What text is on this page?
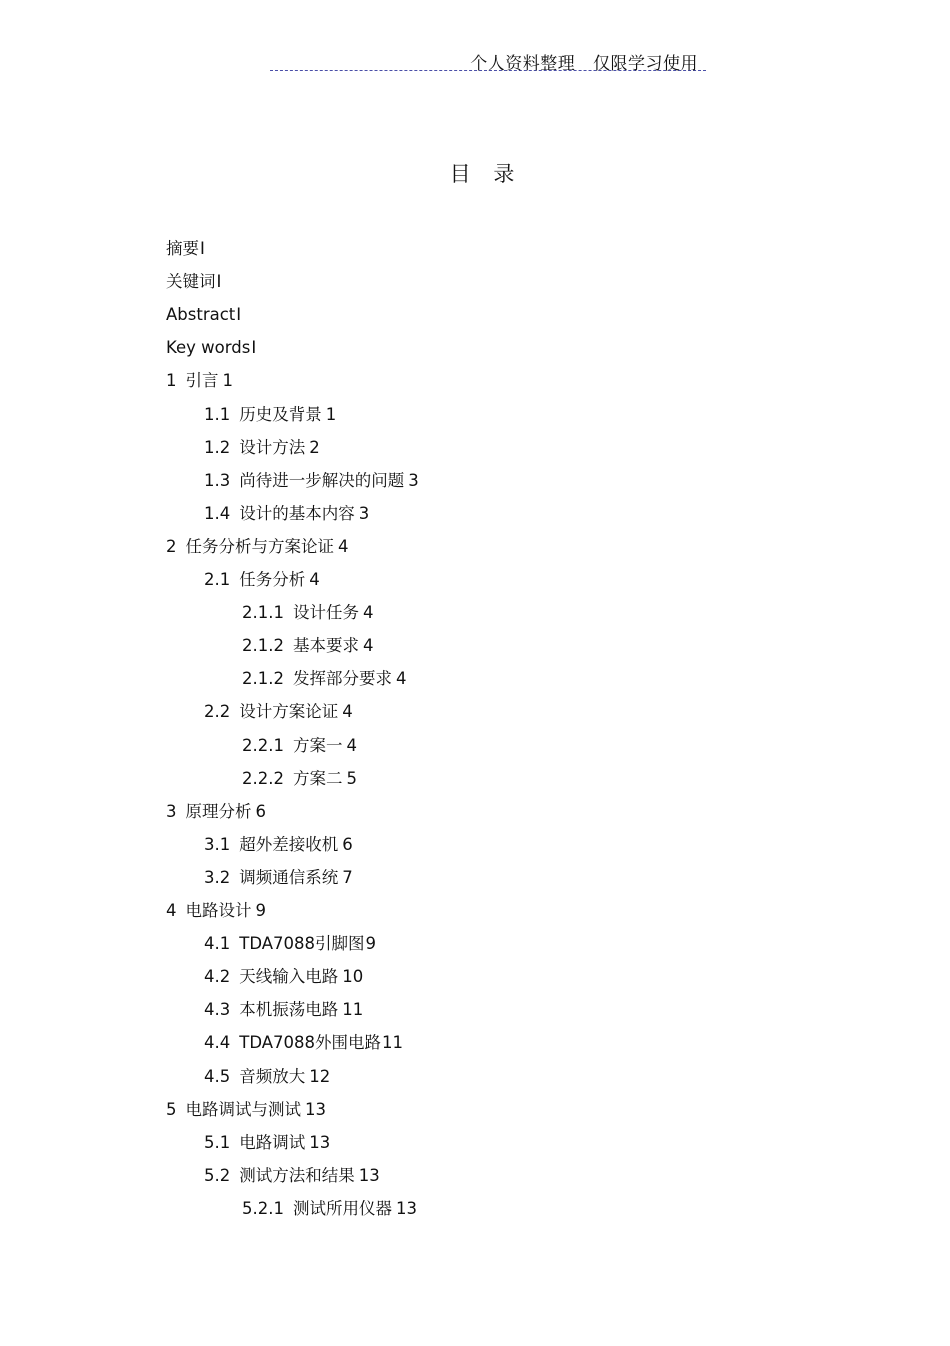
个人资料整理   仅限学习使用
目 录
摘要I
关键词I
AbstractI
Key wordsI
1 引言 1
1.1 历史及背景 1
1.2 设计方法 2
1.3 尚待进一步解决的问题 3
1.4 设计的基本内容 3
2 任务分析与方案论证 4
2.1 任务分析 4
2.1.1 设计任务 4
2.1.2 基本要求 4
2.1.2 发挥部分要求 4
2.2 设计方案论证 4
2.2.1 方案一 4
2.2.2 方案二 5
3 原理分析 6
3.1 超外差接收机 6
3.2 调频通信系统 7
4 电路设计 9
4.1 TDA7088引脚图9
4.2 天线输入电路 10
4.3 本机振荡电路 11
4.4 TDA7088外围电路11
4.5 音频放大 12
5 电路调试与测试 13
5.1 电路调试 13
5.2 测试方法和结果 13
5.2.1 测试所用仪器 13
